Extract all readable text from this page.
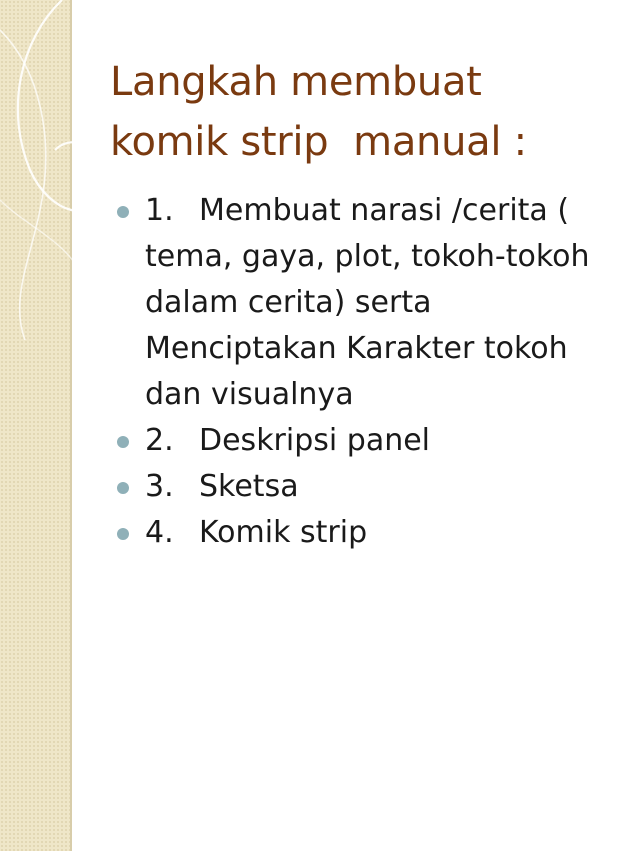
Langkah membuat
komik strip  manual :
1. Membuat narasi /cerita (
tema, gaya, plot, tokoh-tokoh
dalam cerita) serta
Menciptakan Karakter tokoh
dan visualnya
2. Deskripsi panel
3. Sketsa
4. Komik strip
